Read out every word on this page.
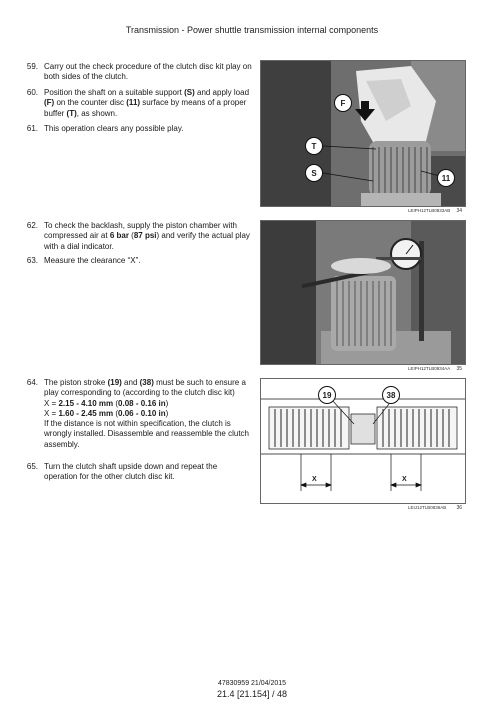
Transmission - Power shuttle transmission internal components
59. Carry out the check procedure of the clutch disc kit play on both sides of the clutch.
60. Position the shaft on a suitable support (S) and apply load (F) on the counter disc (11) surface by means of a proper buffer (T), as shown.
61. This operation clears any possible play.
62. To check the backlash, supply the piston chamber with compressed air at 6 bar (87 psi) and verify the actual play with a dial indicator.
63. Measure the clearance “X”.
64. The piston stroke (19) and (38) must be such to ensure a play corresponding to (according to the clutch disc kit)
X = 2.15 - 4.10 mm (0.08 - 0.16 in)
X = 1.60 - 2.45 mm (0.06 - 0.10 in)
If the distance is not within specification, the clutch is wrongly installed. Disassemble and reassemble the clutch assembly.
65. Turn the clutch shaft upside down and repeat the operation for the other clutch disc kit.
F
T
S
11
LEIPH12TLB0833AB 34
LEIPH12TLB0834AA 35
19	38
X	X
LEIJ12TLB0836AB 36
47830959 21/04/2015
21.4 [21.154] / 48
